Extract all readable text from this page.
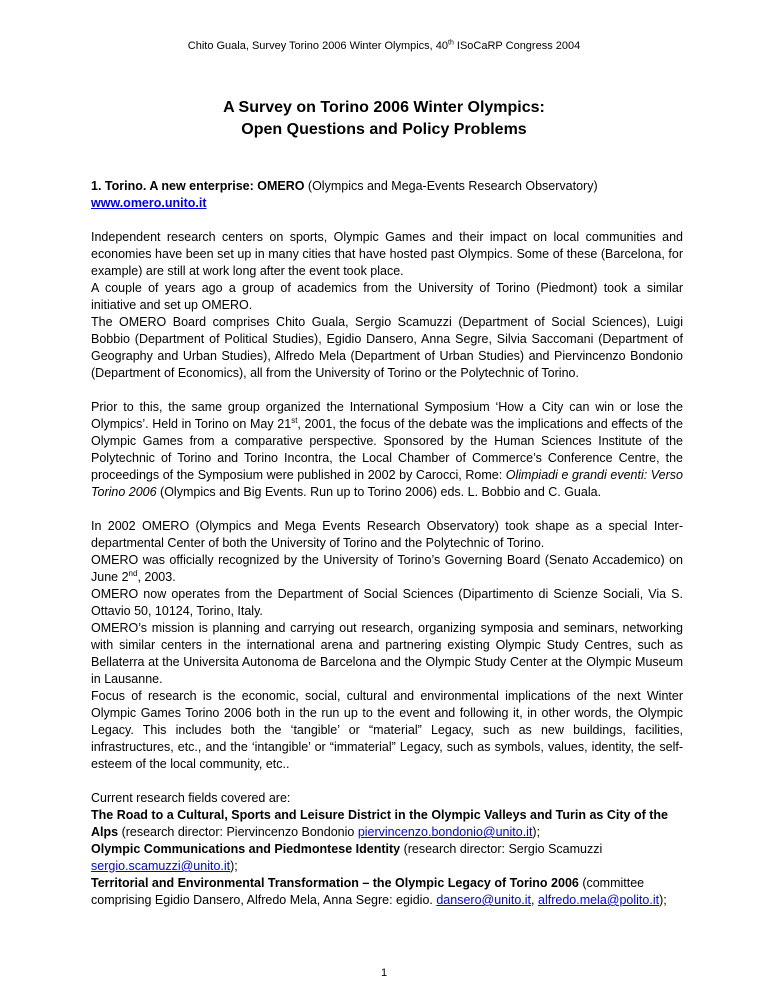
Chito Guala, Survey Torino 2006 Winter Olympics, 40th ISoCaRP Congress 2004
A Survey on Torino 2006 Winter Olympics:
Open Questions and Policy Problems

1. Torino. A new enterprise: OMERO (Olympics and Mega-Events Research Observatory)
www.omero.unito.it

Independent research centers on sports, Olympic Games and their impact on local communities and economies have been set up in many cities that have hosted past Olympics. Some of these (Barcelona, for example) are still at work long after the event took place.
A couple of years ago a group of academics from the University of Torino (Piedmont) took a similar initiative and set up OMERO.
The OMERO Board comprises Chito Guala, Sergio Scamuzzi (Department of Social Sciences), Luigi Bobbio (Department of Political Studies), Egidio Dansero, Anna Segre, Silvia Saccomani (Department of Geography and Urban Studies), Alfredo Mela (Department of Urban Studies) and Piervincenzo Bondonio (Department of Economics), all from the University of Torino or the Polytechnic of Torino.

Prior to this, the same group organized the International Symposium ‘How a City can win or lose the Olympics’. Held in Torino on May 21st, 2001, the focus of the debate was the implications and effects of the Olympic Games from a comparative perspective. Sponsored by the Human Sciences Institute of the Polytechnic of Torino and Torino Incontra, the Local Chamber of Commerce’s Conference Centre, the proceedings of the Symposium were published in 2002 by Carocci, Rome: Olimpiadi e grandi eventi: Verso Torino 2006 (Olympics and Big Events. Run up to Torino 2006) eds. L. Bobbio and C. Guala.

In 2002 OMERO (Olympics and Mega Events Research Observatory) took shape as a special Inter-departmental Center of both the University of Torino and the Polytechnic of Torino.
OMERO was officially recognized by the University of Torino’s Governing Board (Senato Accademico) on June 2nd, 2003.
OMERO now operates from the Department of Social Sciences (Dipartimento di Scienze Sociali, Via S. Ottavio 50, 10124, Torino, Italy.
OMERO’s mission is planning and carrying out research, organizing symposia and seminars, networking with similar centers in the international arena and partnering existing Olympic Study Centres, such as Bellaterra at the Universita Autonoma de Barcelona and the Olympic Study Center at the Olympic Museum in Lausanne.
Focus of research is the economic, social, cultural and environmental implications of the next Winter Olympic Games Torino 2006 both in the run up to the event and following it, in other words, the Olympic Legacy. This includes both the ‘tangible’ or “material” Legacy, such as new buildings, facilities, infrastructures, etc., and the ‘intangible’ or “immaterial” Legacy, such as symbols, values, identity, the self-esteem of the local community, etc..

Current research fields covered are:
The Road to a Cultural, Sports and Leisure District in the Olympic Valleys and Turin as City of the Alps (research director: Piervincenzo Bondonio piervincenzo.bondonio@unito.it);
Olympic Communications and Piedmontese Identity (research director: Sergio Scamuzzi sergio.scamuzzi@unito.it);
Territorial and Environmental Transformation – the Olympic Legacy of Torino 2006 (committee comprising Egidio Dansero, Alfredo Mela, Anna Segre: egidio. dansero@unito.it, alfredo.mela@polito.it);

1
